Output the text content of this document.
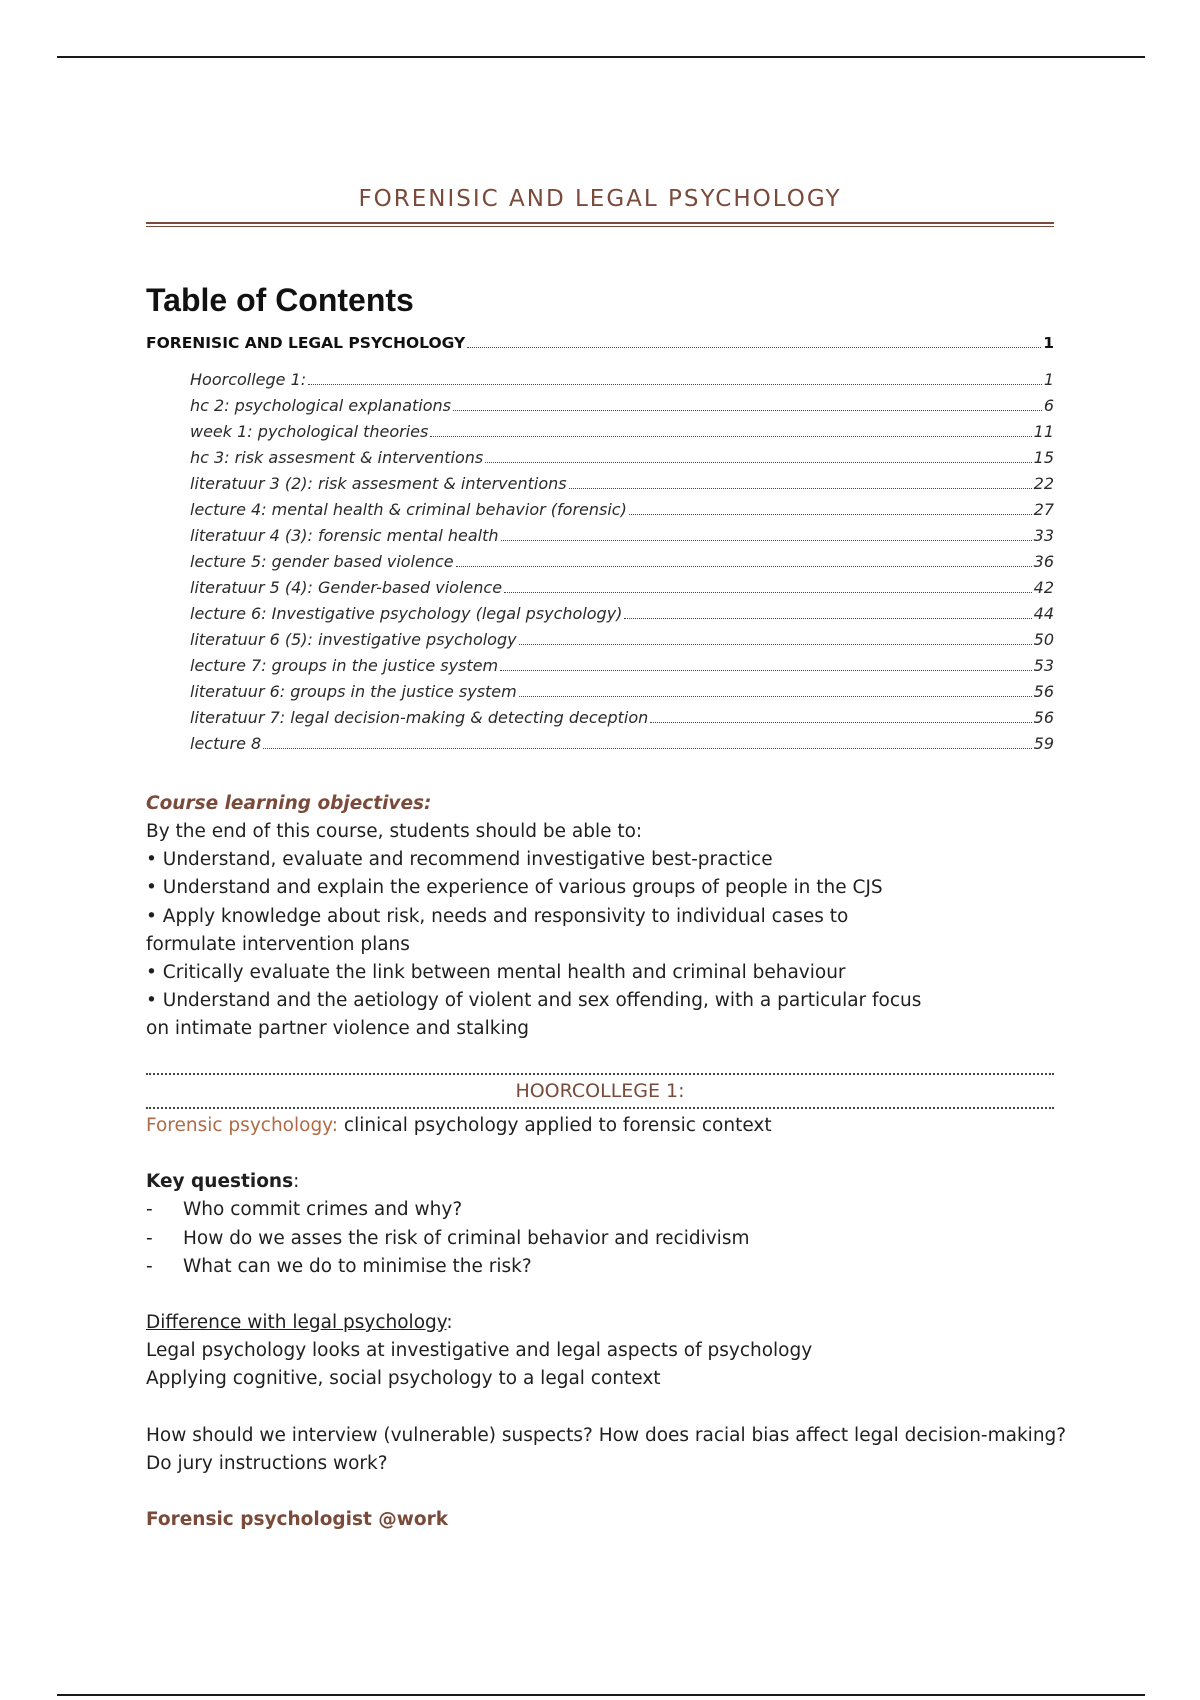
FORENISIC AND LEGAL PSYCHOLOGY
Table of Contents
FORENISIC AND LEGAL PSYCHOLOGY	1
Hoorcollege 1:	1
hc 2: psychological explanations	6
week 1: pychological theories	11
hc 3: risk assesment & interventions	15
literatuur 3 (2): risk assesment & interventions	22
lecture 4: mental health & criminal behavior (forensic)	27
literatuur 4 (3): forensic mental health	33
lecture 5: gender based violence	36
literatuur 5 (4): Gender-based violence	42
lecture 6: Investigative psychology (legal psychology)	44
literatuur 6 (5): investigative psychology	50
lecture 7: groups in the justice system	53
literatuur 6: groups in the justice system	56
literatuur 7: legal decision-making & detecting deception	56
lecture 8	59
Course learning objectives:
By the end of this course, students should be able to:
• Understand, evaluate and recommend investigative best-practice
• Understand and explain the experience of various groups of people in the CJS
• Apply knowledge about risk, needs and responsivity to individual cases to
formulate intervention plans
• Critically evaluate the link between mental health and criminal behaviour
• Understand and the aetiology of violent and sex offending, with a particular focus
on intimate partner violence and stalking
HOORCOLLEGE 1:
Forensic psychology: clinical psychology applied to forensic context
Key questions:
-	Who commit crimes and why?
-	How do we asses the risk of criminal behavior and recidivism
-	What can we do to minimise the risk?
Difference with legal psychology:
Legal psychology looks at investigative and legal aspects of psychology
Applying cognitive, social psychology to a legal context
How should we interview (vulnerable) suspects? How does racial bias affect legal decision-making?
Do jury instructions work?
Forensic psychologist @work
